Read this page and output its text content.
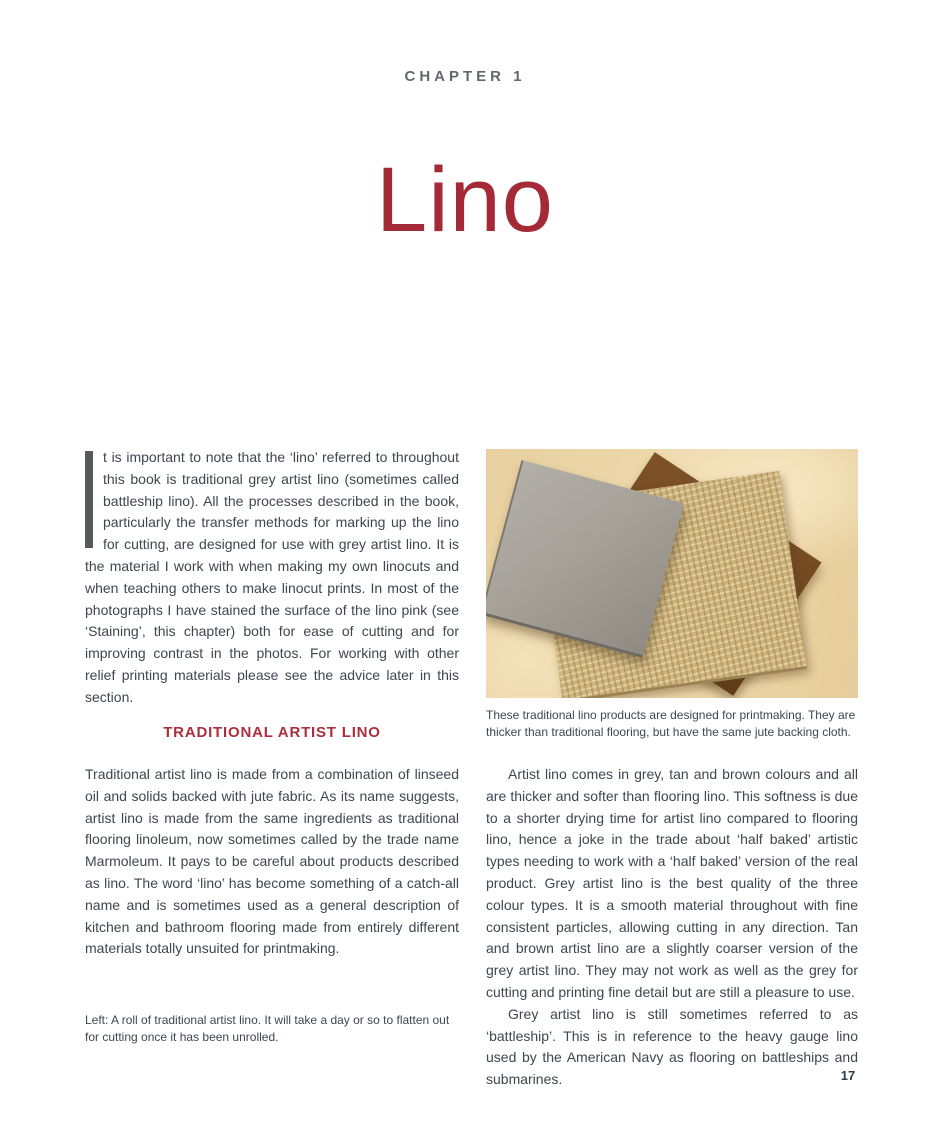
CHAPTER 1
Lino
t is important to note that the ‘lino’ referred to throughout this book is traditional grey artist lino (sometimes called battleship lino). All the processes described in the book, particularly the transfer methods for marking up the lino for cutting, are designed for use with grey artist lino. It is the material I work with when making my own linocuts and when teaching others to make linocut prints. In most of the photographs I have stained the surface of the lino pink (see ‘Staining’, this chapter) both for ease of cutting and for improving contrast in the photos. For working with other relief printing materials please see the advice later in this section.
These traditional lino products are designed for printmaking. They are thicker than traditional flooring, but have the same jute backing cloth.
TRADITIONAL ARTIST LINO
Traditional artist lino is made from a combination of linseed oil and solids backed with jute fabric. As its name suggests, artist lino is made from the same ingredients as traditional flooring linoleum, now sometimes called by the trade name Marmoleum. It pays to be careful about products described as lino. The word ‘lino’ has become something of a catch-all name and is sometimes used as a general description of kitchen and bathroom flooring made from entirely different materials totally unsuited for printmaking.
Left: A roll of traditional artist lino. It will take a day or so to flatten out for cutting once it has been unrolled.

Artist lino comes in grey, tan and brown colours and all are thicker and softer than flooring lino. This softness is due to a shorter drying time for artist lino compared to flooring lino, hence a joke in the trade about ‘half baked’ artistic types needing to work with a ‘half baked’ version of the real product. Grey artist lino is the best quality of the three colour types. It is a smooth material throughout with fine consistent particles, allowing cutting in any direction. Tan and brown artist lino are a slightly coarser version of the grey artist lino. They may not work as well as the grey for cutting and printing fine detail but are still a pleasure to use.

Grey artist lino is still sometimes referred to as ‘battleship’. This is in reference to the heavy gauge lino used by the American Navy as flooring on battleships and submarines.	17
